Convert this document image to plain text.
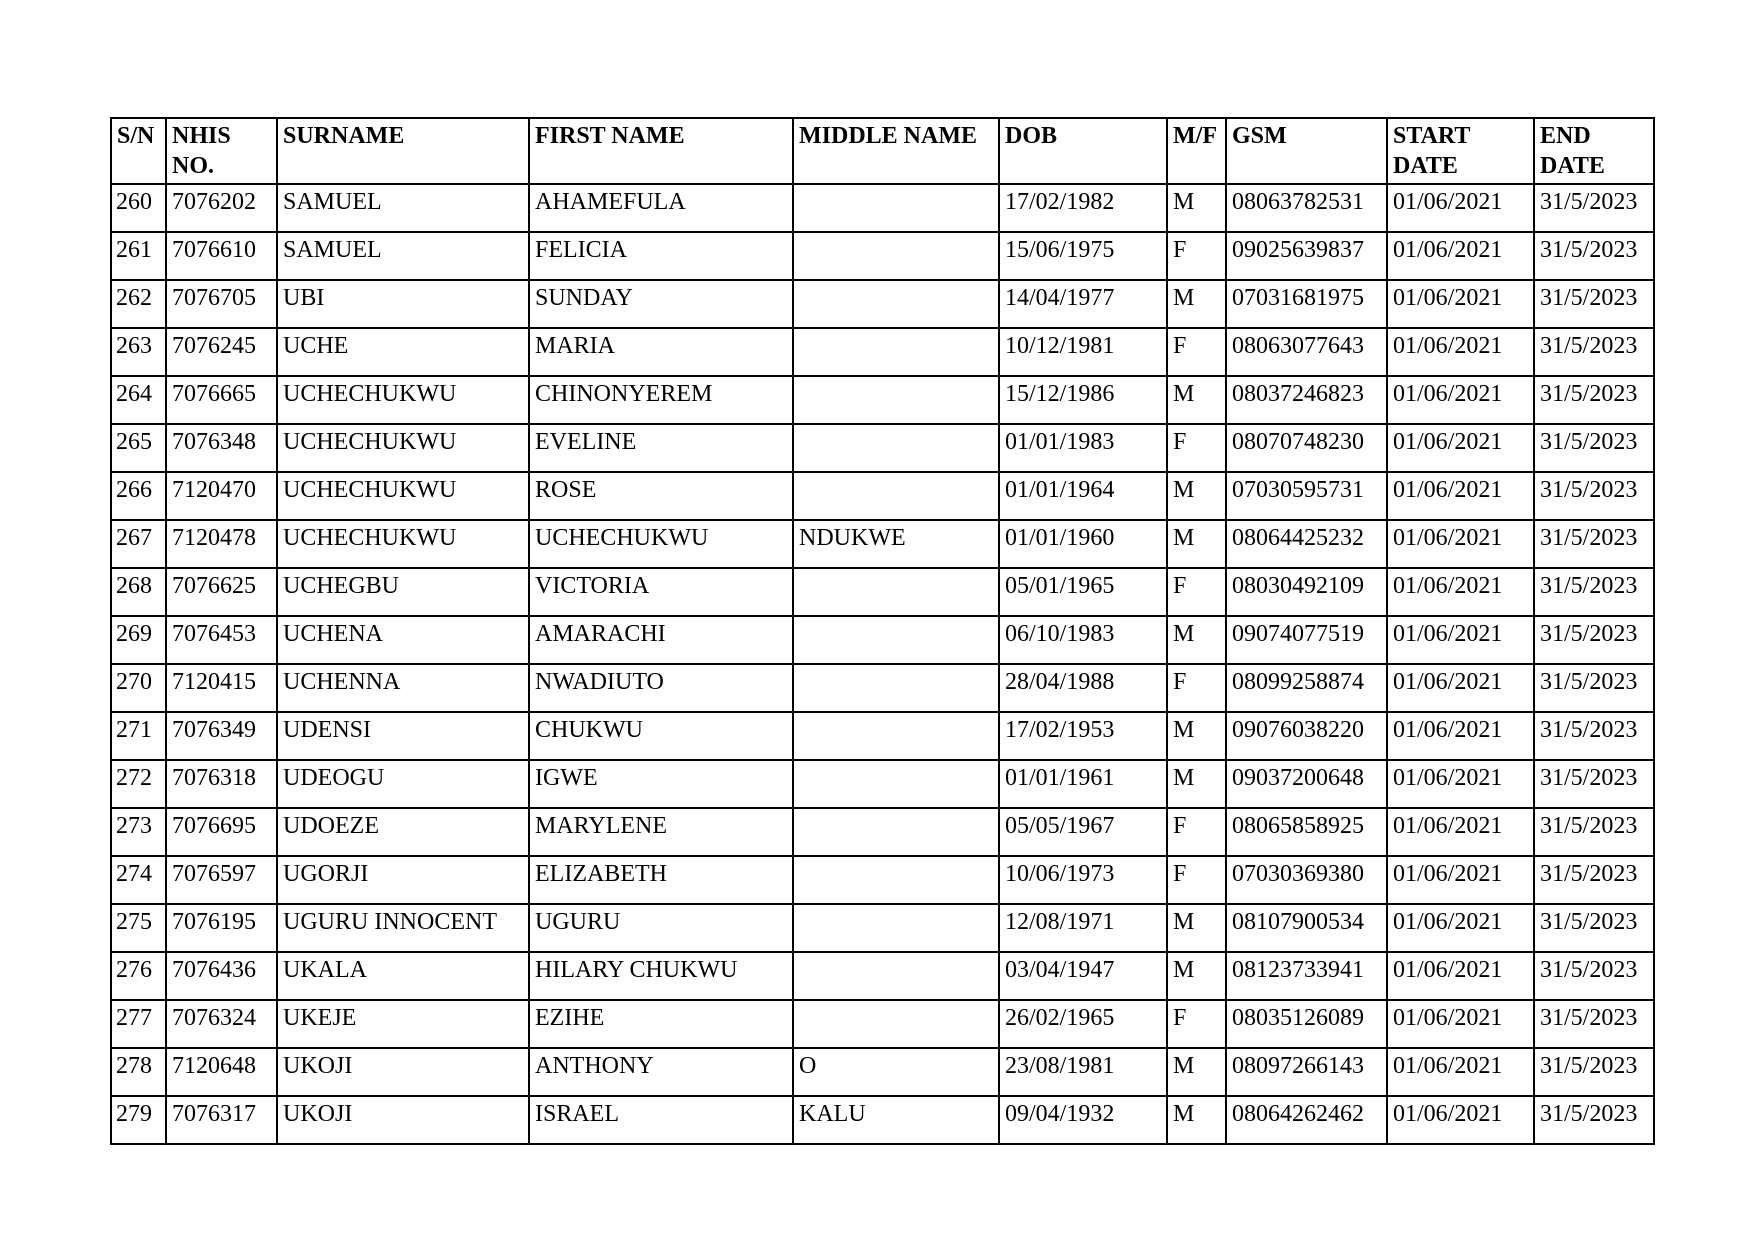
S/N	NHIS NO.	SURNAME	FIRST NAME	MIDDLE NAME	DOB	M/F	GSM	START DATE	END DATE
260	7076202	SAMUEL	AHAMEFULA		17/02/1982	M	08063782531	01/06/2021	31/5/2023
261	7076610	SAMUEL	FELICIA		15/06/1975	F	09025639837	01/06/2021	31/5/2023
262	7076705	UBI	SUNDAY		14/04/1977	M	07031681975	01/06/2021	31/5/2023
263	7076245	UCHE	MARIA		10/12/1981	F	08063077643	01/06/2021	31/5/2023
264	7076665	UCHECHUKWU	CHINONYEREM		15/12/1986	M	08037246823	01/06/2021	31/5/2023
265	7076348	UCHECHUKWU	EVELINE		01/01/1983	F	08070748230	01/06/2021	31/5/2023
266	7120470	UCHECHUKWU	ROSE		01/01/1964	M	07030595731	01/06/2021	31/5/2023
267	7120478	UCHECHUKWU	UCHECHUKWU	NDUKWE	01/01/1960	M	08064425232	01/06/2021	31/5/2023
268	7076625	UCHEGBU	VICTORIA		05/01/1965	F	08030492109	01/06/2021	31/5/2023
269	7076453	UCHENA	AMARACHI		06/10/1983	M	09074077519	01/06/2021	31/5/2023
270	7120415	UCHENNA	NWADIUTO		28/04/1988	F	08099258874	01/06/2021	31/5/2023
271	7076349	UDENSI	CHUKWU		17/02/1953	M	09076038220	01/06/2021	31/5/2023
272	7076318	UDEOGU	IGWE		01/01/1961	M	09037200648	01/06/2021	31/5/2023
273	7076695	UDOEZE	MARYLENE		05/05/1967	F	08065858925	01/06/2021	31/5/2023
274	7076597	UGORJI	ELIZABETH		10/06/1973	F	07030369380	01/06/2021	31/5/2023
275	7076195	UGURU INNOCENT	UGURU		12/08/1971	M	08107900534	01/06/2021	31/5/2023
276	7076436	UKALA	HILARY CHUKWU		03/04/1947	M	08123733941	01/06/2021	31/5/2023
277	7076324	UKEJE	EZIHE		26/02/1965	F	08035126089	01/06/2021	31/5/2023
278	7120648	UKOJI	ANTHONY	O	23/08/1981	M	08097266143	01/06/2021	31/5/2023
279	7076317	UKOJI	ISRAEL	KALU	09/04/1932	M	08064262462	01/06/2021	31/5/2023
